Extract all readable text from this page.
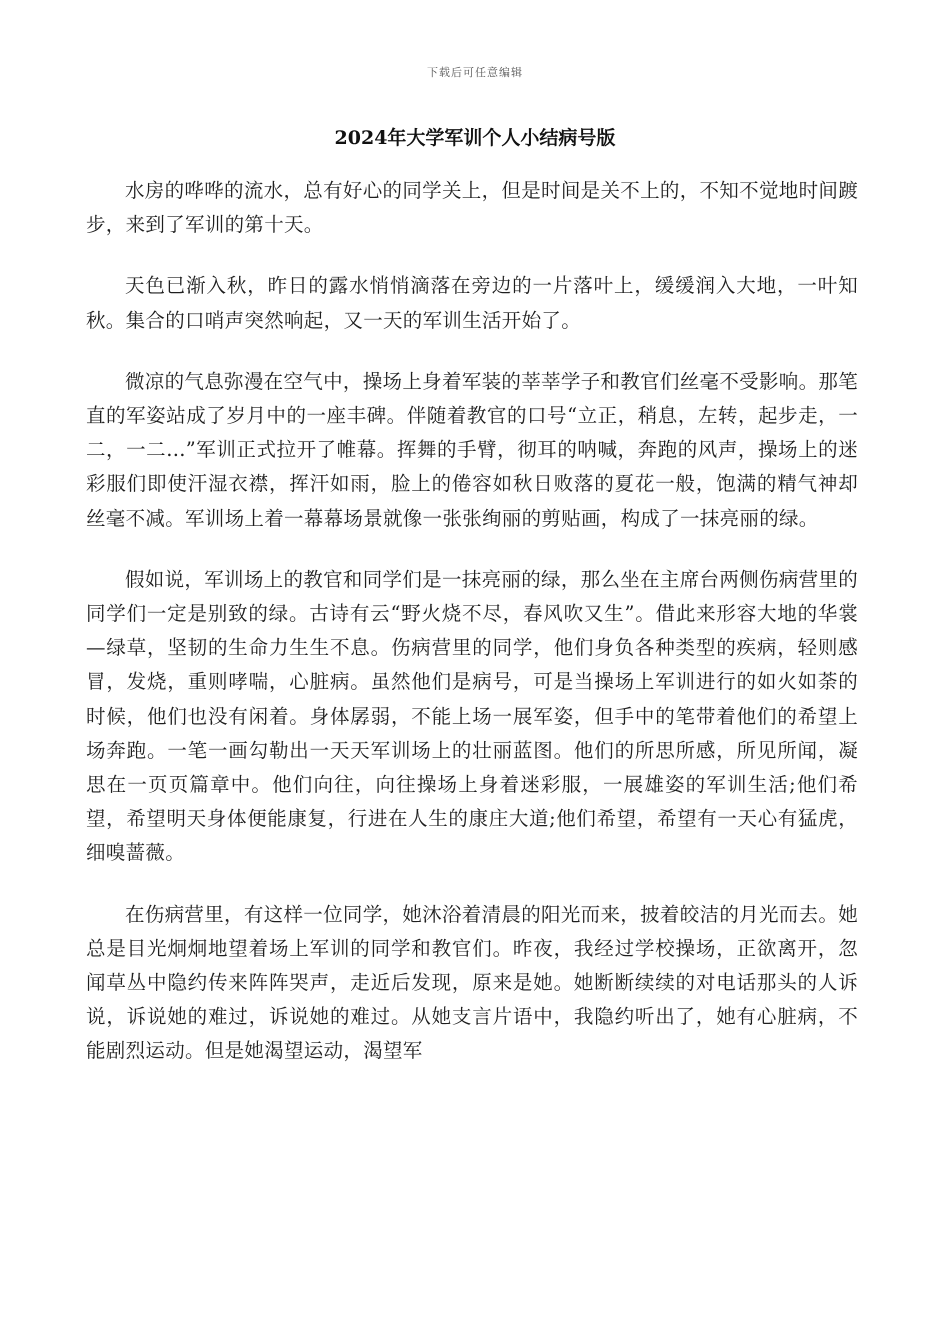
下载后可任意编辑
2024年大学军训个人小结病号版

水房的哗哗的流水，总有好心的同学关上，但是时间是关不上的，不知不觉地时间踱步，来到了军训的第十天。

天色已渐入秋，昨日的露水悄悄滴落在旁边的一片落叶上，缓缓润入大地，一叶知秋。集合的口哨声突然响起，又一天的军训生活开始了。

微凉的气息弥漫在空气中，操场上身着军装的莘莘学子和教官们丝毫不受影响。那笔直的军姿站成了岁月中的一座丰碑。伴随着教官的口号“立正，稍息，左转，起步走，一二，一二...”军训正式拉开了帷幕。挥舞的手臂，彻耳的呐喊，奔跑的风声，操场上的迷彩服们即使汗湿衣襟，挥汗如雨，脸上的倦容如秋日败落的夏花一般，饱满的精气神却丝毫不减。军训场上着一幕幕场景就像一张张绚丽的剪贴画，构成了一抹亮丽的绿。

假如说，军训场上的教官和同学们是一抹亮丽的绿，那么坐在主席台两侧伤病营里的同学们一定是别致的绿。古诗有云“野火烧不尽，春风吹又生”。借此来形容大地的华裳—绿草，坚韧的生命力生生不息。伤病营里的同学，他们身负各种类型的疾病，轻则感冒，发烧，重则哮喘，心脏病。虽然他们是病号，可是当操场上军训进行的如火如荼的时候，他们也没有闲着。身体孱弱，不能上场一展军姿，但手中的笔带着他们的希望上场奔跑。一笔一画勾勒出一天天军训场上的壮丽蓝图。他们的所思所感，所见所闻，凝思在一页页篇章中。他们向往，向往操场上身着迷彩服，一展雄姿的军训生活;他们希望，希望明天身体便能康复，行进在人生的康庄大道;他们希望，希望有一天心有猛虎，细嗅蔷薇。

在伤病营里，有这样一位同学，她沐浴着清晨的阳光而来，披着皎洁的月光而去。她总是目光炯炯地望着场上军训的同学和教官们。昨夜，我经过学校操场，正欲离开，忽闻草丛中隐约传来阵阵哭声，走近后发现，原来是她。她断断续续的对电话那头的人诉说，诉说她的难过，诉说她的难过。从她支言片语中，我隐约听出了，她有心脏病，不能剧烈运动。但是她渴望运动，渴望军
